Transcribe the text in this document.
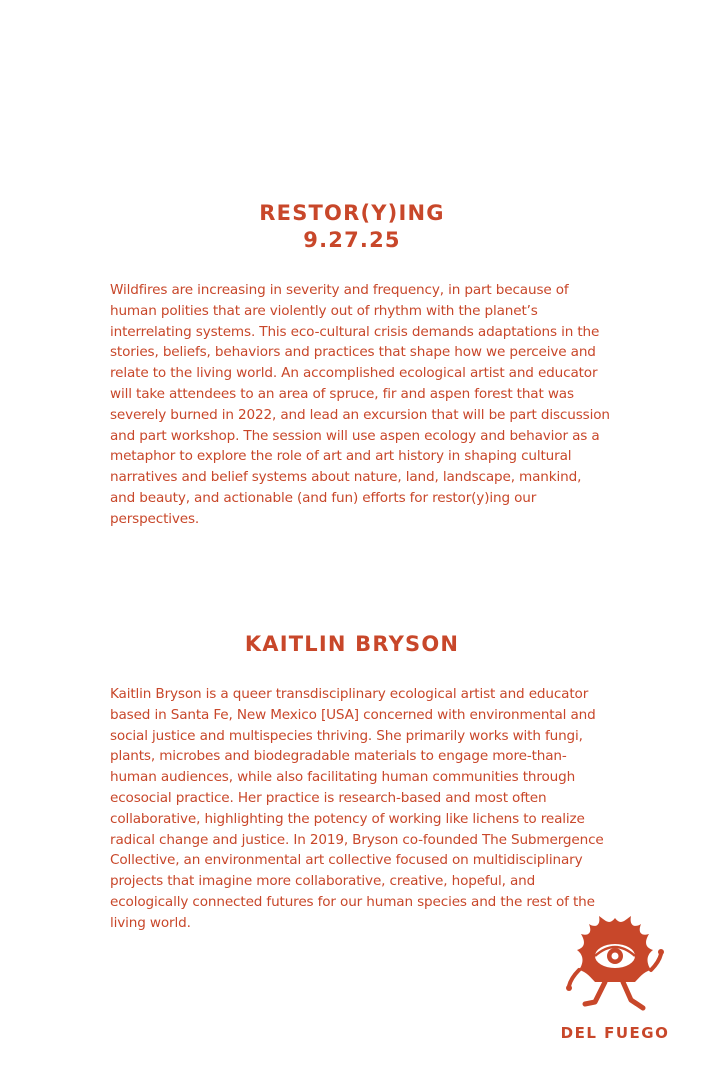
RESTOR(Y)ING
9.27.25

Wildfires are increasing in severity and frequency, in part because of human polities that are violently out of rhythm with the planet’s interrelating systems. This eco-cultural crisis demands adaptations in the stories, beliefs, behaviors and practices that shape how we perceive and relate to the living world. An accomplished ecological artist and educator will take attendees to an area of spruce, fir and aspen forest that was severely burned in 2022, and lead an excursion that will be part discussion and part workshop. The session will use aspen ecology and behavior as a metaphor to explore the role of art and art history in shaping cultural narratives and belief systems about nature, land, landscape, mankind, and beauty, and actionable (and fun) efforts for restor(y)ing our perspectives.

KAITLIN BRYSON

Kaitlin Bryson is a queer transdisciplinary ecological artist and educator based in Santa Fe, New Mexico [USA] concerned with environmental and social justice and multispecies thriving. She primarily works with fungi, plants, microbes and biodegradable materials to engage more-than-human audiences, while also facilitating human communities through ecosocial practice. Her practice is research-based and most often collaborative, highlighting the potency of working like lichens to realize radical change and justice. In 2019, Bryson co-founded The Submergence Collective, an environmental art collective focused on multidisciplinary projects that imagine more collaborative, creative, hopeful, and ecologically connected futures for our human species and the rest of the living world.

DEL FUEGO
